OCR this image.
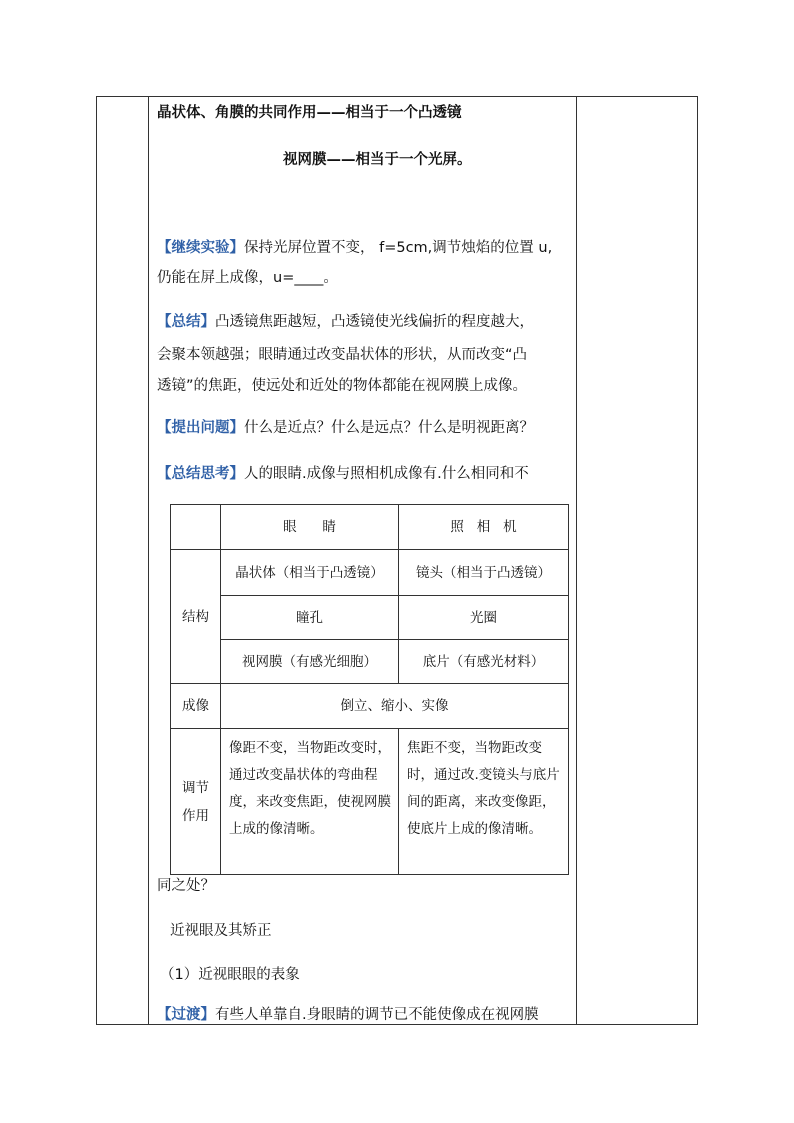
晶状体、角膜的共同作用——相当于一个凸透镜
视网膜——相当于一个光屏。
【继续实验】保持光屏位置不变， f=5cm,调节烛焰的位置 u,
仍能在屏上成像，u=____。
【总结】凸透镜焦距越短，凸透镜使光线偏折的程度越大，
会聚本领越强；眼睛通过改变晶状体的形状，从而改变“凸
透镜”的焦距，使远处和近处的物体都能在视网膜上成像。
【提出问题】什么是近点？什么是远点？什么是明视距离？
【总结思考】人的眼睛.成像与照相机成像有.什么相同和不
	眼      睛	照   相   机
结构	晶状体（相当于凸透镜）	镜头（相当于凸透镜）
	瞳孔	光圈
	视网膜（有感光细胞）	底片（有感光材料）
成像	倒立、缩小、实像	
调节
作用	像距不变，当物距改变时，通过改变晶状体的弯曲程度，来改变焦距，使视网膜上成的像清晰。	焦距不变，当物距改变时，通过改.变镜头与底片间的距离，来改变像距，使底片上成的像清晰。
同之处？
近视眼及其矫正
（1）近视眼眼的表象
【过渡】有些人单靠自.身眼睛的调节已不能使像成在视网膜
